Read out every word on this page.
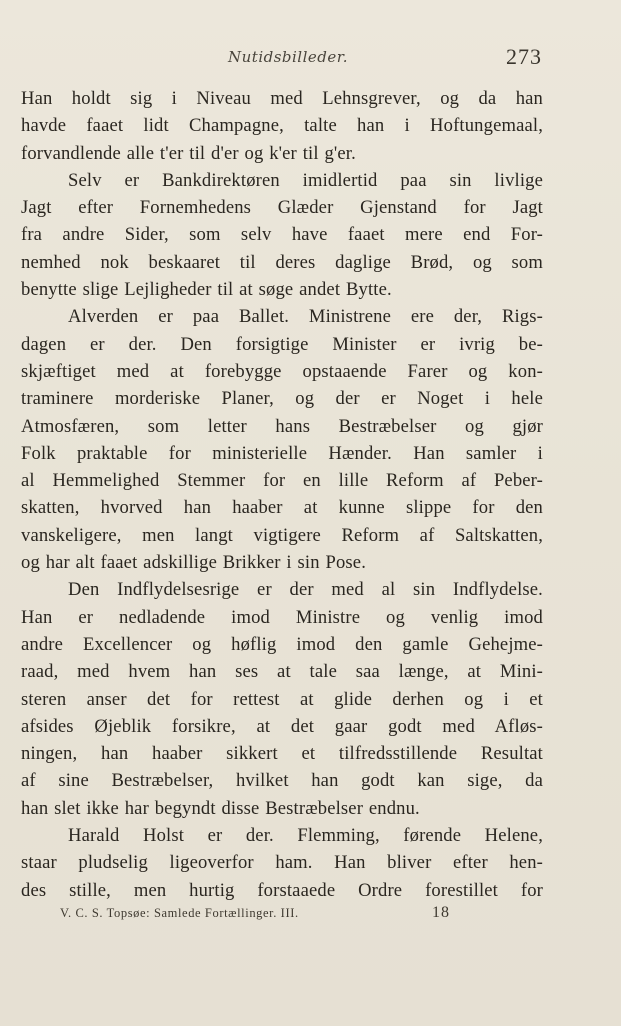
Nutidsbilleder.	273
Han holdt sig i Niveau med Lehnsgrever, og da han
havde faaet lidt Champagne, talte han i Hoftungemaal,
forvandlende alle t'er til d'er og k'er til g'er.
Selv er Bankdirektøren imidlertid paa sin livlige
Jagt efter Fornemhedens Glæder Gjenstand for Jagt
fra andre Sider, som selv have faaet mere end For-
nemhed nok beskaaret til deres daglige Brød, og som
benytte slige Lejligheder til at søge andet Bytte.
Alverden er paa Ballet. Ministrene ere der, Rigs-
dagen er der. Den forsigtige Minister er ivrig be-
skjæftiget med at forebygge opstaaende Farer og kon-
traminere morderiske Planer, og der er Noget i hele
Atmosfæren, som letter hans Bestræbelser og gjør
Folk praktable for ministerielle Hænder. Han samler i
al Hemmelighed Stemmer for en lille Reform af Peber-
skatten, hvorved han haaber at kunne slippe for den
vanskeligere, men langt vigtigere Reform af Saltskatten,
og har alt faaet adskillige Brikker i sin Pose.
Den Indflydelsesrige er der med al sin Indflydelse.
Han er nedladende imod Ministre og venlig imod
andre Excellencer og høflig imod den gamle Gehejme-
raad, med hvem han ses at tale saa længe, at Mini-
steren anser det for rettest at glide derhen og i et
afsides Øjeblik forsikre, at det gaar godt med Afløs-
ningen, han haaber sikkert et tilfredsstillende Resultat
af sine Bestræbelser, hvilket han godt kan sige, da
han slet ikke har begyndt disse Bestræbelser endnu.
Harald Holst er der. Flemming, førende Helene,
staar pludselig ligeoverfor ham. Han bliver efter hen-
des stille, men hurtig forstaaede Ordre forestillet for
V. C. S. Topsøe: Samlede Fortællinger. III.	18
